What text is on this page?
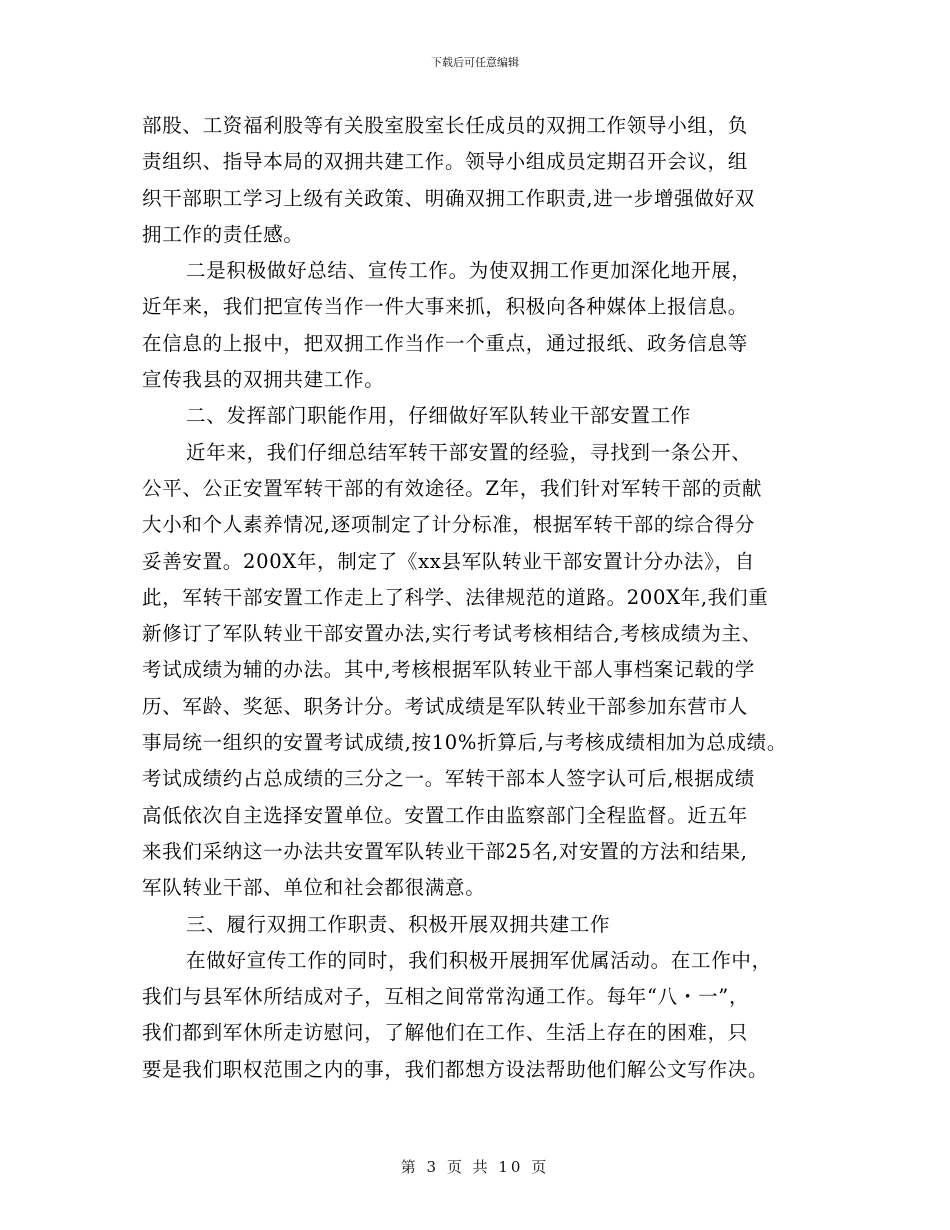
下载后可任意编辑
部股、工资福利股等有关股室股室长任成员的双拥工作领导小组，负
责组织、指导本局的双拥共建工作。领导小组成员定期召开会议，组
织干部职工学习上级有关政策、明确双拥工作职责,进一步增强做好双
拥工作的责任感。
二是积极做好总结、宣传工作。为使双拥工作更加深化地开展，
近年来，我们把宣传当作一件大事来抓，积极向各种媒体上报信息。
在信息的上报中，把双拥工作当作一个重点，通过报纸、政务信息等
宣传我县的双拥共建工作。
二、发挥部门职能作用，仔细做好军队转业干部安置工作
近年来，我们仔细总结军转干部安置的经验，寻找到一条公开、
公平、公正安置军转干部的有效途径。Z年，我们针对军转干部的贡献
大小和个人素养情况,逐项制定了计分标准，根据军转干部的综合得分
妥善安置。200X年，制定了《xx县军队转业干部安置计分办法》，自
此，军转干部安置工作走上了科学、法律规范的道路。200X年,我们重
新修订了军队转业干部安置办法,实行考试考核相结合,考核成绩为主、
考试成绩为辅的办法。其中,考核根据军队转业干部人事档案记载的学
历、军龄、奖惩、职务计分。考试成绩是军队转业干部参加东营市人
事局统一组织的安置考试成绩,按10%折算后,与考核成绩相加为总成绩。
考试成绩约占总成绩的三分之一。军转干部本人签字认可后,根据成绩
高低依次自主选择安置单位。安置工作由监察部门全程监督。近五年
来我们采纳这一办法共安置军队转业干部25名,对安置的方法和结果,
军队转业干部、单位和社会都很满意。
三、履行双拥工作职责、积极开展双拥共建工作
在做好宣传工作的同时，我们积极开展拥军优属活动。在工作中，
我们与县军休所结成对子，互相之间常常沟通工作。每年“八・一”，
我们都到军休所走访慰问，了解他们在工作、生活上存在的困难，只
要是我们职权范围之内的事，我们都想方设法帮助他们解公文写作决。
第 3 页 共 10 页
